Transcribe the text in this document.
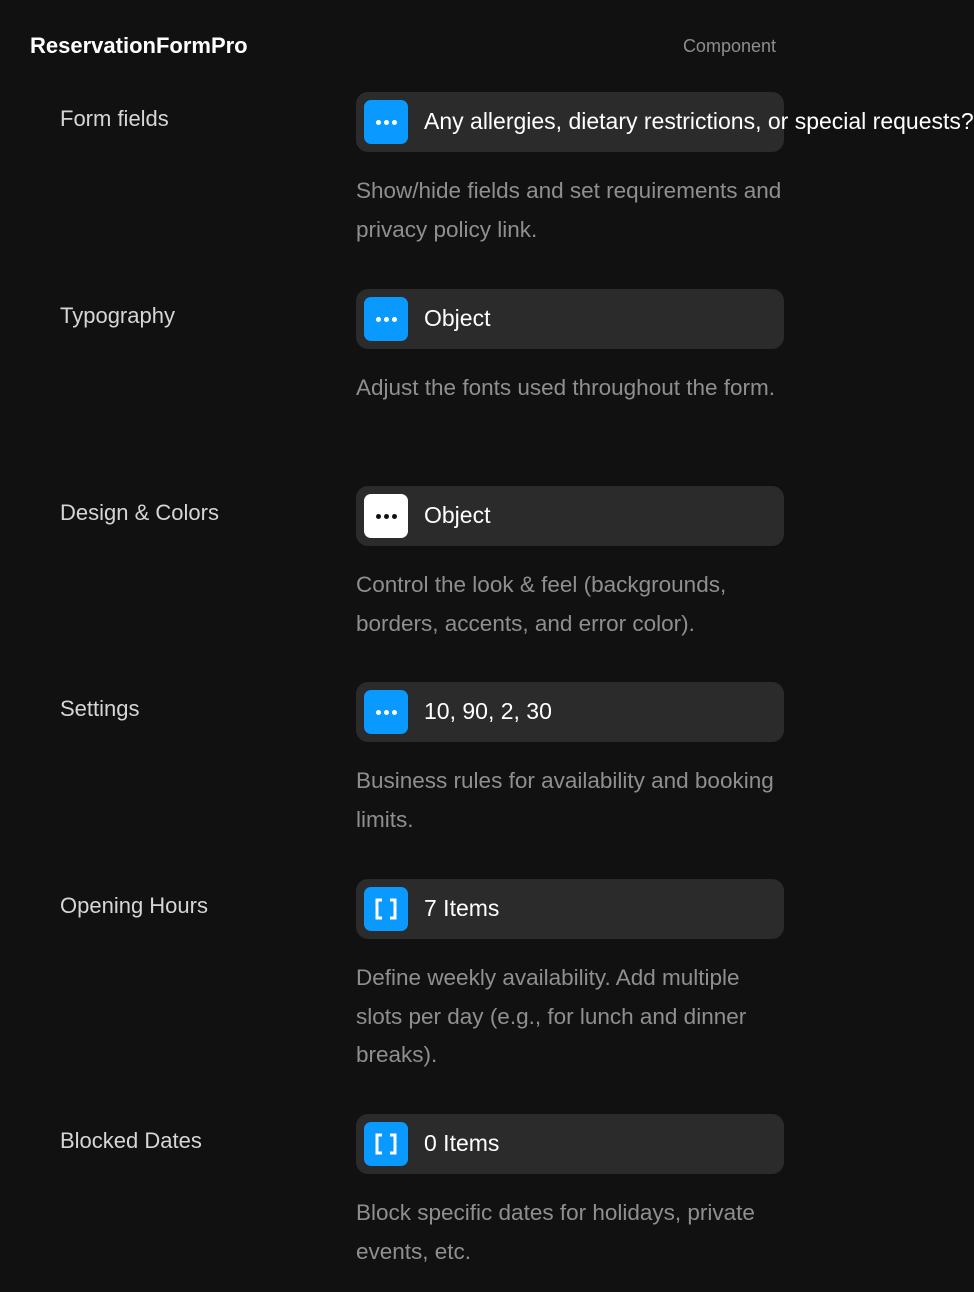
ReservationFormPro	Component
Form fields	Any allergies, dietary restrictions, or special requests?
Show/hide fields and set requirements and privacy policy link.
Typography	Object
Adjust the fonts used throughout the form.
Design & Colors	Object
Control the look & feel (backgrounds, borders, accents, and error color).
Settings	10, 90, 2, 30
Business rules for availability and booking limits.
Opening Hours	7 Items
Define weekly availability. Add multiple slots per day (e.g., for lunch and dinner breaks).
Blocked Dates	0 Items
Block specific dates for holidays, private events, etc.
